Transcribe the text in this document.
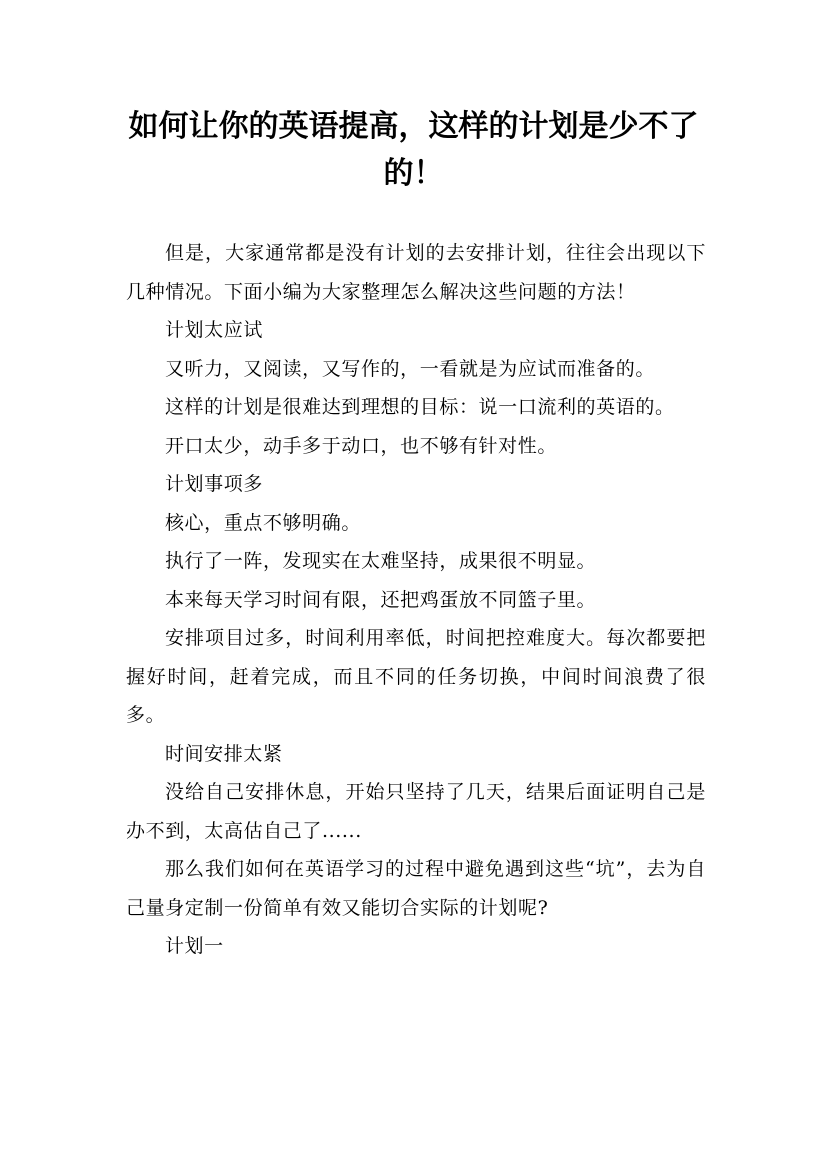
如何让你的英语提高，这样的计划是少不了的！

但是，大家通常都是没有计划的去安排计划，往往会出现以下几种情况。下面小编为大家整理怎么解决这些问题的方法！

计划太应试

又听力，又阅读，又写作的，一看就是为应试而准备的。

这样的计划是很难达到理想的目标：说一口流利的英语的。

开口太少，动手多于动口，也不够有针对性。

计划事项多

核心，重点不够明确。

执行了一阵，发现实在太难坚持，成果很不明显。

本来每天学习时间有限，还把鸡蛋放不同篮子里。

安排项目过多，时间利用率低，时间把控难度大。每次都要把握好时间，赶着完成，而且不同的任务切换，中间时间浪费了很多。

时间安排太紧

没给自己安排休息，开始只坚持了几天，结果后面证明自己是办不到，太高估自己了......

那么我们如何在英语学习的过程中避免遇到这些“坑”，去为自己量身定制一份简单有效又能切合实际的计划呢?

计划一
